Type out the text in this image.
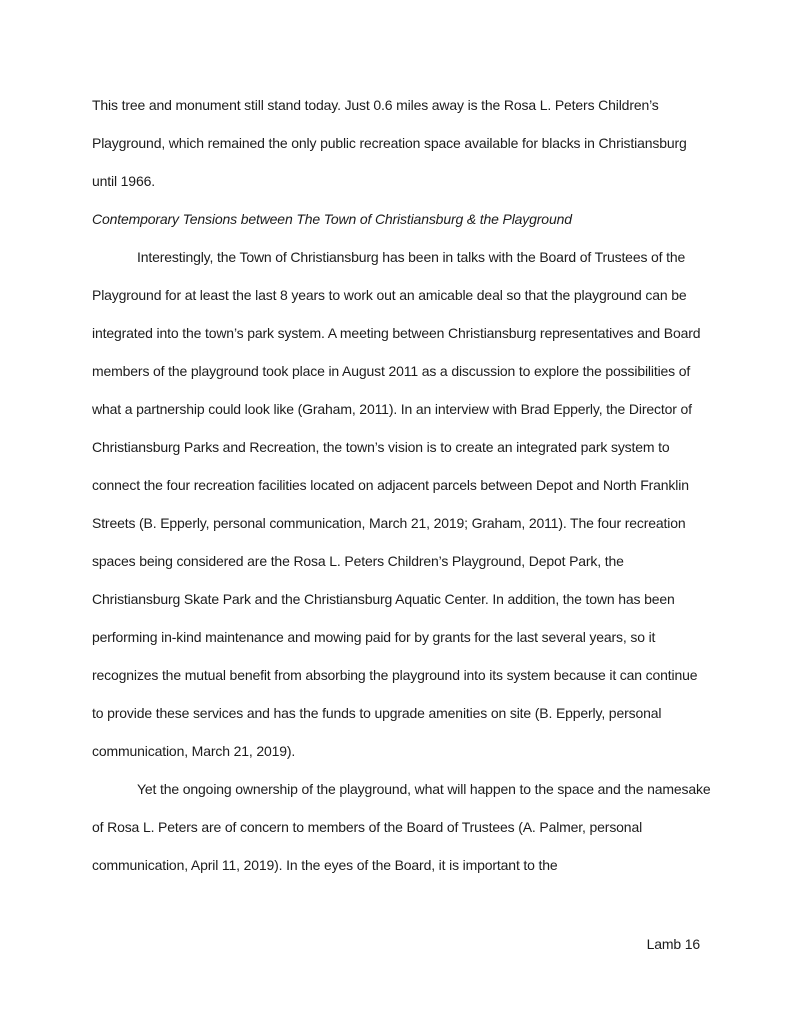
This tree and monument still stand today. Just 0.6 miles away is the Rosa L. Peters Children’s Playground, which remained the only public recreation space available for blacks in Christiansburg until 1966.

Contemporary Tensions between The Town of Christiansburg & the Playground

Interestingly, the Town of Christiansburg has been in talks with the Board of Trustees of the Playground for at least the last 8 years to work out an amicable deal so that the playground can be integrated into the town’s park system. A meeting between Christiansburg representatives and Board members of the playground took place in August 2011 as a discussion to explore the possibilities of what a partnership could look like (Graham, 2011). In an interview with Brad Epperly, the Director of Christiansburg Parks and Recreation, the town’s vision is to create an integrated park system to connect the four recreation facilities located on adjacent parcels between Depot and North Franklin Streets (B. Epperly, personal communication, March 21, 2019; Graham, 2011). The four recreation spaces being considered are the Rosa L. Peters Children’s Playground, Depot Park, the Christiansburg Skate Park and the Christiansburg Aquatic Center. In addition, the town has been performing in-kind maintenance and mowing paid for by grants for the last several years, so it recognizes the mutual benefit from absorbing the playground into its system because it can continue to provide these services and has the funds to upgrade amenities on site (B. Epperly, personal communication, March 21, 2019).

Yet the ongoing ownership of the playground, what will happen to the space and the namesake of Rosa L. Peters are of concern to members of the Board of Trustees (A. Palmer, personal communication, April 11, 2019). In the eyes of the Board, it is important to the

Lamb 16
